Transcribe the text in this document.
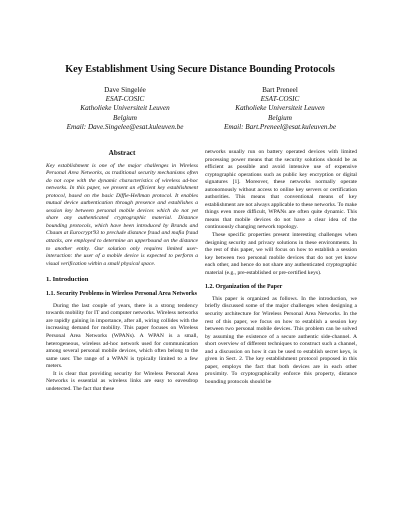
Key Establishment Using Secure Distance Bounding Protocols
Dave Singelée
ESAT-COSIC
Katholieke Universiteit Leuven
Belgium
Email: Dave.Singelee@esat.kuleuven.be
Bart Preneel
ESAT-COSIC
Katholieke Universiteit Leuven
Belgium
Email: Bart.Preneel@esat.kuleuven.be
Abstract

Key establishment is one of the major challenges in Wireless Personal Area Networks, as traditional security mechanisms often do not cope with the dynamic characteristics of wireless ad-hoc networks. In this paper, we present an efficient key establishment protocol, based on the basic Diffie-Hellman protocol. It enables mutual device authentication through presence and establishes a session key between personal mobile devices which do not yet share any authenticated cryptographic material. Distance bounding protocols, which have been introduced by Brands and Chaum at Eurocrypt'93 to preclude distance fraud and mafia fraud attacks, are employed to determine an upperbound on the distance to another entity. Our solution only requires limited user-interaction: the user of a mobile device is expected to perform a visual verification within a small physical space.

1. Introduction
1.1. Security Problems in Wireless Personal Area Networks

During the last couple of years, there is a strong tendency towards mobility for IT and computer networks. Wireless networks are rapidly gaining in importance, after all, wiring collides with the increasing demand for mobility. This paper focuses on Wireless Personal Area Networks (WPANs). A WPAN is a small, heterogeneous, wireless ad-hoc network used for communication among several personal mobile devices, which often belong to the same user. The range of a WPAN is typically limited to a few meters.

It is clear that providing security for Wireless Personal Area Networks is essential as wireless links are easy to eavesdrop undetected. The fact that these

networks usually run on battery operated devices with limited processing power means that the security solutions should be as efficient as possible and avoid intensive use of expensive cryptographic operations such as public key encryption or digital signatures [1]. Moreover, these networks normally operate autonomously without access to online key servers or certification authorities. This means that conventional means of key establishment are not always applicable to these networks. To make things even more difficult, WPANs are often quite dynamic. This means that mobile devices do not have a clear idea of the continuously changing network topology.

These specific properties present interesting challenges when designing security and privacy solutions in these environments. In the rest of this paper, we will focus on how to establish a session key between two personal mobile devices that do not yet know each other, and hence do not share any authenticated cryptographic material (e.g., pre-established or pre-certified keys).

1.2. Organization of the Paper

This paper is organized as follows. In the introduction, we briefly discussed some of the major challenges when designing a security architecture for Wireless Personal Area Networks. In the rest of this paper, we focus on how to establish a session key between two personal mobile devices. This problem can be solved by assuming the existence of a secure authentic side-channel. A short overview of different techniques to construct such a channel, and a discussion on how it can be used to establish secret keys, is given in Sect. 2. The key establishment protocol proposed in this paper, employs the fact that both devices are in each other proximity. To cryptographically enforce this property, distance bounding protocols should be
